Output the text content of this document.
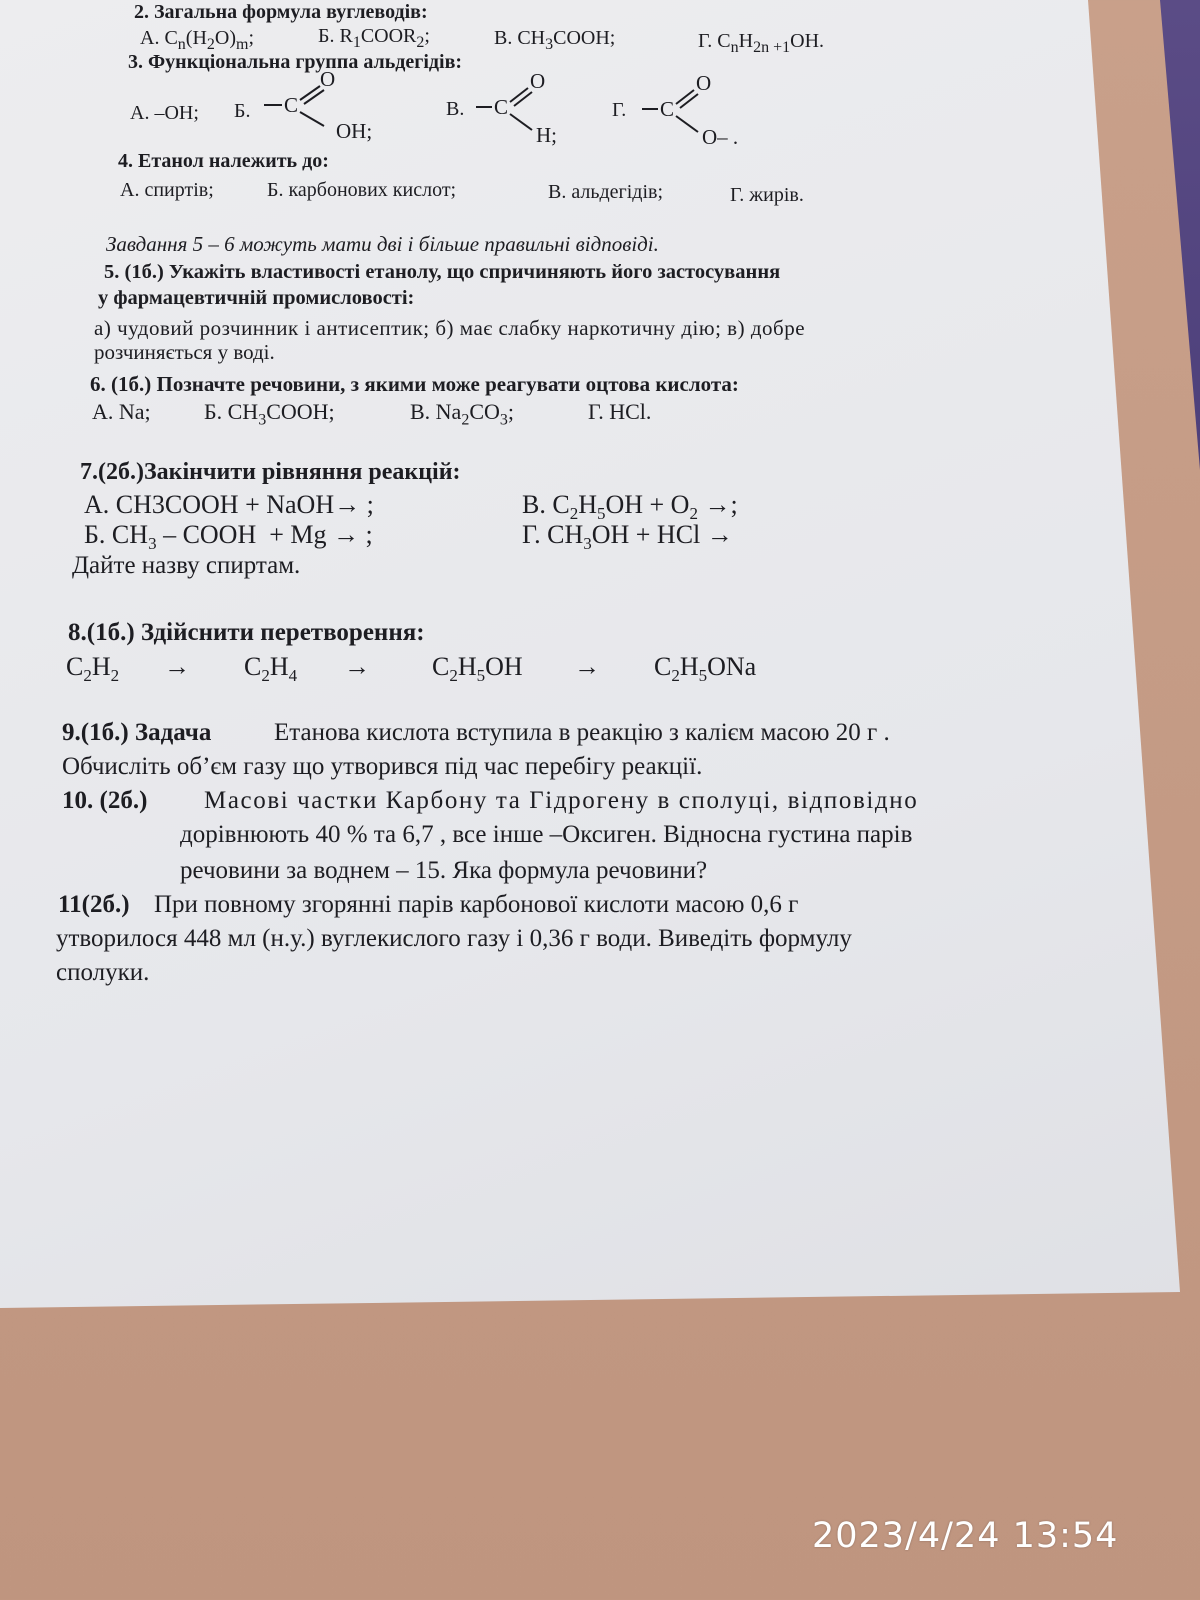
2. Загальна формула вуглеводів:
А. $C_n(H_2O)_m$;	Б. $R_1COOR_2$;	В. $CH_3COOH$;	Г. $C_nH_{2n +1}OH$.
3. Функціональна группа альдегідів:
А. –OH; Б. C
O
OH;
В. C
O
H;
Г. C
O
O– .
4. Етанол належить до:
А. спиртів;	Б. карбонових кислот;	В. альдегідів;	Г. жирів.
Завдання 5 – 6 можуть мати дві і більше правильні відповіді.
5. (1б.) Укажіть властивості етанолу, що спричиняють його застосування
у фармацевтичній промисловості:
а) чудовий розчинник і антисептик; б) має слабку наркотичну дію; в) добре
розчиняється у воді.
6. (1б.) Позначте речовини, з якими може реагувати оцтова кислота:
А. Na; Б. $CH_3COOH$;	В. $Na_2CO_3$;	Г. HCl.
7.(2б.)Закінчити рівняння реакцій:
А. CH3COOH + NaOH→ ;
Б. $CH_3$ – COOH  + Mg → ;
В. $C_2H_5OH + O_2$ →;
Г. $CH_3OH$ + HCl →
Дайте назву спиртам.
8.(1б.) Здійснити перетворення:
$C_2H_2 \to C_2H_4 \to C_2H_5OH \to C_2H_5ONa$
9.(1б.) Задача	Етанова кислота вступила в реакцію з калієм масою 20 г .
Обчисліть об’єм газу що утворився під час перебігу реакції.
10. (2б.) Масові частки Карбону та Гідрогену в сполуці, відповідно
дорівнюють 40 % та 6,7 , все інше –Оксиген. Відносна густина парів
речовини за воднем – 15. Яка формула речовини?
11(2б.) При повному згорянні парів карбонової кислоти масою 0,6 г
утворилося 448 мл (н.у.) вуглекислого газу і 0,36 г води. Виведіть формулу
сполуки.
2023/4/24 13:54
